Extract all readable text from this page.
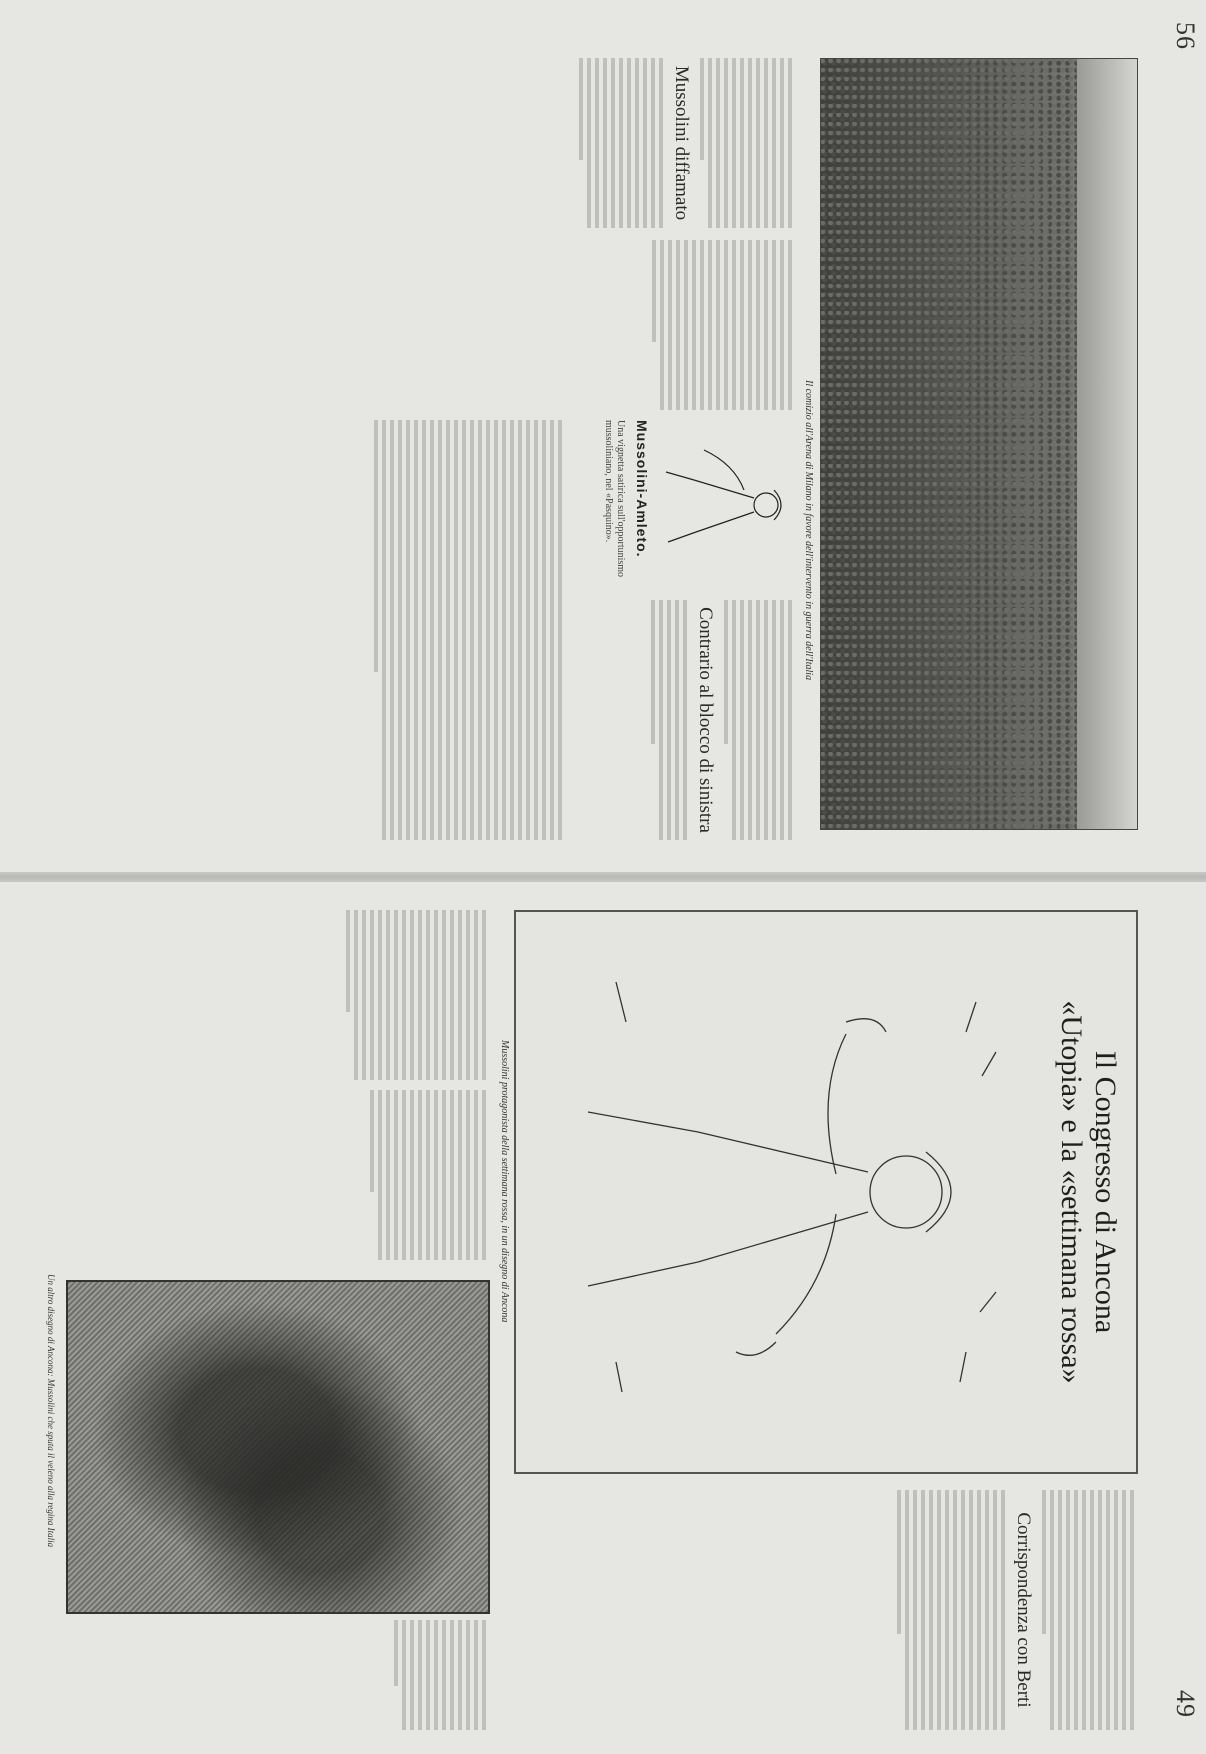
56
Il comizio all'Arena di Milano in favore dell'intervento in guerra dell'Italia
Mussolini diffamato
Mussolini-Amleto.
Una vignetta satirica sull'opportunismo mussoliniano, nel «Pasquino».
Contrario al blocco di sinistra
49
Il Congresso di Ancona
«Utopia» e la «settimana rossa»
Mussolini protagonista della settimana rossa, in un disegno di Ancona
Un altro disegno di Ancona: Mussolini che sputa il veleno alla regina Italia
Corrispondenza con Berti
